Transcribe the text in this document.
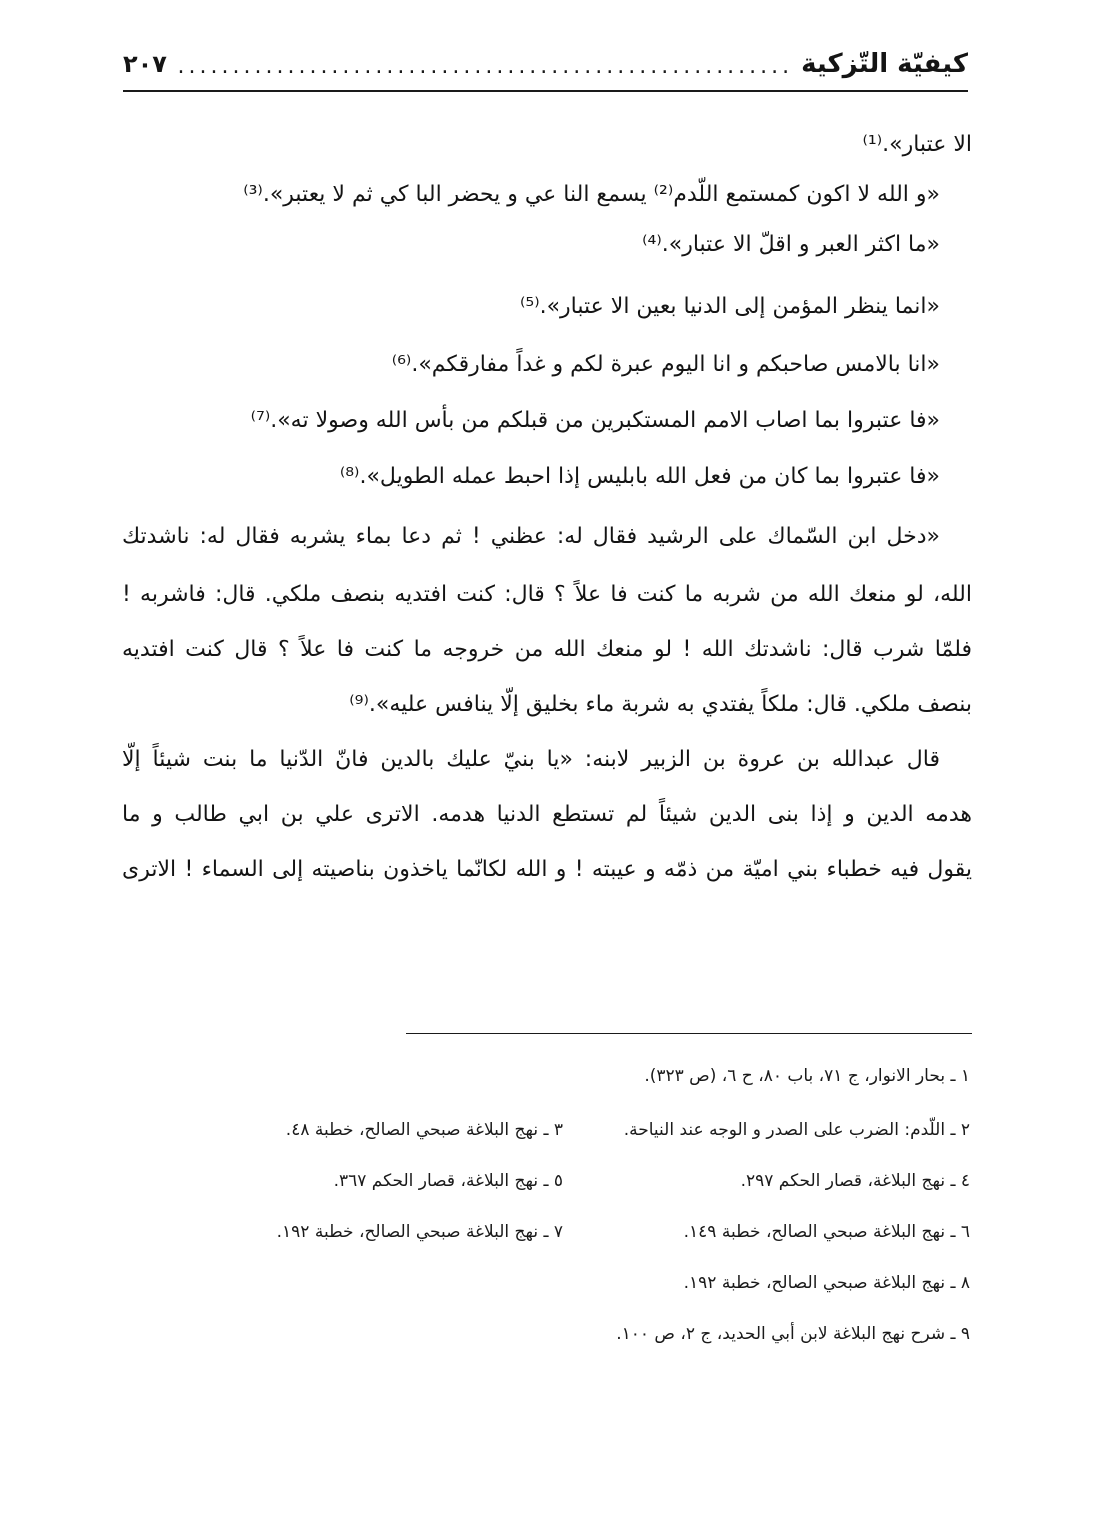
كيفيّة التّزكية
.....
٢٠٧
الا عتبار».⁽¹⁾
«و الله لا اكون كمستمع اللّدم⁽²⁾ يسمع النا عي و يحضر البا كي ثم لا يعتبر».⁽³⁾
«ما اكثر العبر و اقلّ الا عتبار».⁽⁴⁾
«انما ينظر المؤمن إلى الدنيا بعين الا عتبار».⁽⁵⁾
«انا بالامس صاحبكم و انا اليوم عبرة لكم و غداً مفارقكم».⁽⁶⁾
«فا عتبروا بما اصاب الامم المستكبرين من قبلكم من بأس الله وصولا ته».⁽⁷⁾
«فا عتبروا بما كان من فعل الله بابليس إذا احبط عمله الطويل».⁽⁸⁾
«دخل ابن السّماك على الرشيد فقال له: عظني ! ثم دعا بماء يشربه فقال له: ناشدتك
الله، لو منعك الله من شربه ما كنت فا علاً ؟ قال: كنت افتديه بنصف ملكي. قال: فاشربه !
فلمّا شرب قال: ناشدتك الله ! لو منعك الله من خروجه ما كنت فا علاً ؟ قال كنت افتديه
بنصف ملكي. قال: ملكاً يفتدي به شربة ماء بخليق إلّا ينافس عليه».⁽⁹⁾
قال عبدالله بن عروة بن الزبير لابنه: «يا بنيّ عليك بالدين فانّ الدّنيا ما بنت شيئاً إلّا
هدمه الدين و إذا بنى الدين شيئاً لم تستطع الدنيا هدمه. الاترى علي بن ابي طالب و ما
يقول فيه خطباء بني اميّة من ذمّه و عيبته ! و الله لكانّما ياخذون بناصيته إلى السماء ! الاترى
١ ـ بحار الانوار، ج ٧١، باب ٨٠، ح ٦، (ص ٣٢٣).
٢ ـ اللّدم: الضرب على الصدر و الوجه عند النياحة.
٣ ـ نهج البلاغة صبحي الصالح، خطبة ٤٨.
٤ ـ نهج البلاغة، قصار الحكم ٢٩٧.
٥ ـ نهج البلاغة، قصار الحكم ٣٦٧.
٦ ـ نهج البلاغة صبحي الصالح، خطبة ١٤٩.
٧ ـ نهج البلاغة صبحي الصالح، خطبة ١٩٢.
٨ ـ نهج البلاغة صبحي الصالح، خطبة ١٩٢.
٩ ـ شرح نهج البلاغة لابن أبي الحديد، ج ٢، ص ١٠٠.
